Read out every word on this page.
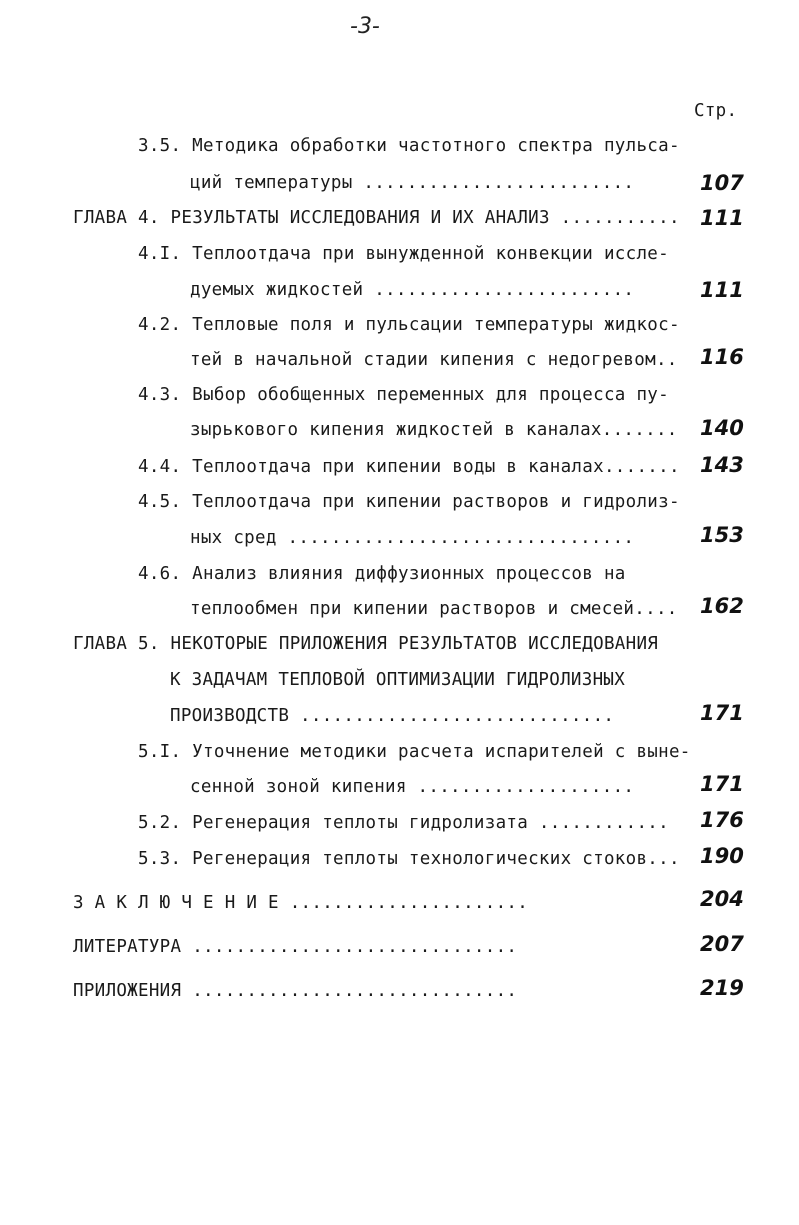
-3-
Стр.
3.5. Методика обработки частотного спектра пульса-
ций температуры .........................	107
ГЛАВА 4. РЕЗУЛЬТАТЫ ИССЛЕДОВАНИЯ И ИХ АНАЛИЗ ........... 111
4.I. Теплоотдача при вынужденной конвекции иссле-
дуемых жидкостей ........................	111
4.2. Тепловые поля и пульсации температуры жидкос-
тей в начальной стадии кипения с недогревом.. 116
4.3. Выбор обобщенных переменных для процесса пу-
зырькового кипения жидкостей в каналах....... 140
4.4. Теплоотдача при кипении воды в каналах....... 143
4.5. Теплоотдача при кипении растворов и гидролиз-
ных сред ................................	153
4.6. Анализ влияния диффузионных процессов на
теплообмен при кипении растворов и смесей.... 162
ГЛАВА 5. НЕКОТОРЫЕ ПРИЛОЖЕНИЯ РЕЗУЛЬТАТОВ ИССЛЕДОВАНИЯ
К ЗАДАЧАМ ТЕПЛОВОЙ ОПТИМИЗАЦИИ ГИДРОЛИЗНЫХ
ПРОИЗВОДСТВ .............................	171
5.I. Уточнение методики расчета испарителей с выне-
сенной зоной кипения ....................	171
5.2. Регенерация теплоты гидролизата ............ 176
5.3. Регенерация теплоты технологических стоков... 190
З А К Л Ю Ч Е Н И Е ......................	204
ЛИТЕРАТУРА ..............................	207
ПРИЛОЖЕНИЯ ..............................	219
